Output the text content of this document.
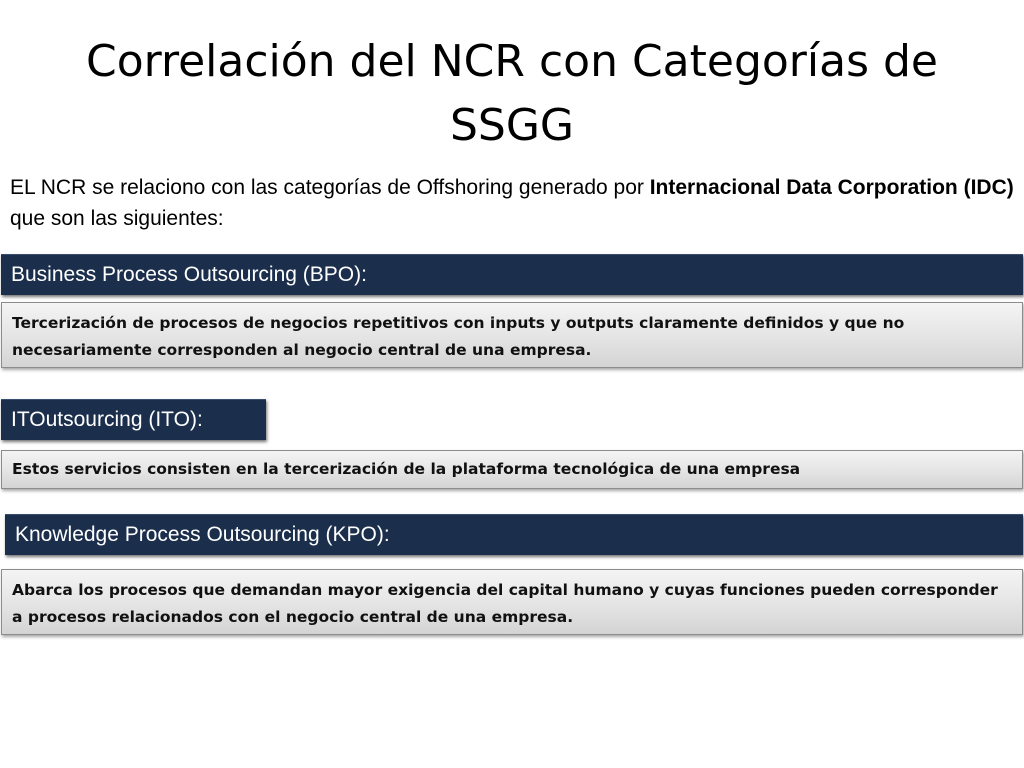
Correlación del NCR con Categorías de SSGG
EL NCR se relaciono con las categorías de Offshoring generado por Internacional Data Corporation (IDC) que son las siguientes:
Business Process Outsourcing (BPO):
Tercerización de procesos de negocios repetitivos con inputs y outputs claramente definidos y que no necesariamente corresponden al negocio central de una empresa.
ITOutsourcing (ITO):
Estos servicios consisten en la tercerización de la plataforma tecnológica de una empresa
Knowledge Process Outsourcing (KPO):
Abarca los procesos que demandan mayor exigencia del capital humano y cuyas funciones pueden corresponder a procesos relacionados con el negocio central de una empresa.
